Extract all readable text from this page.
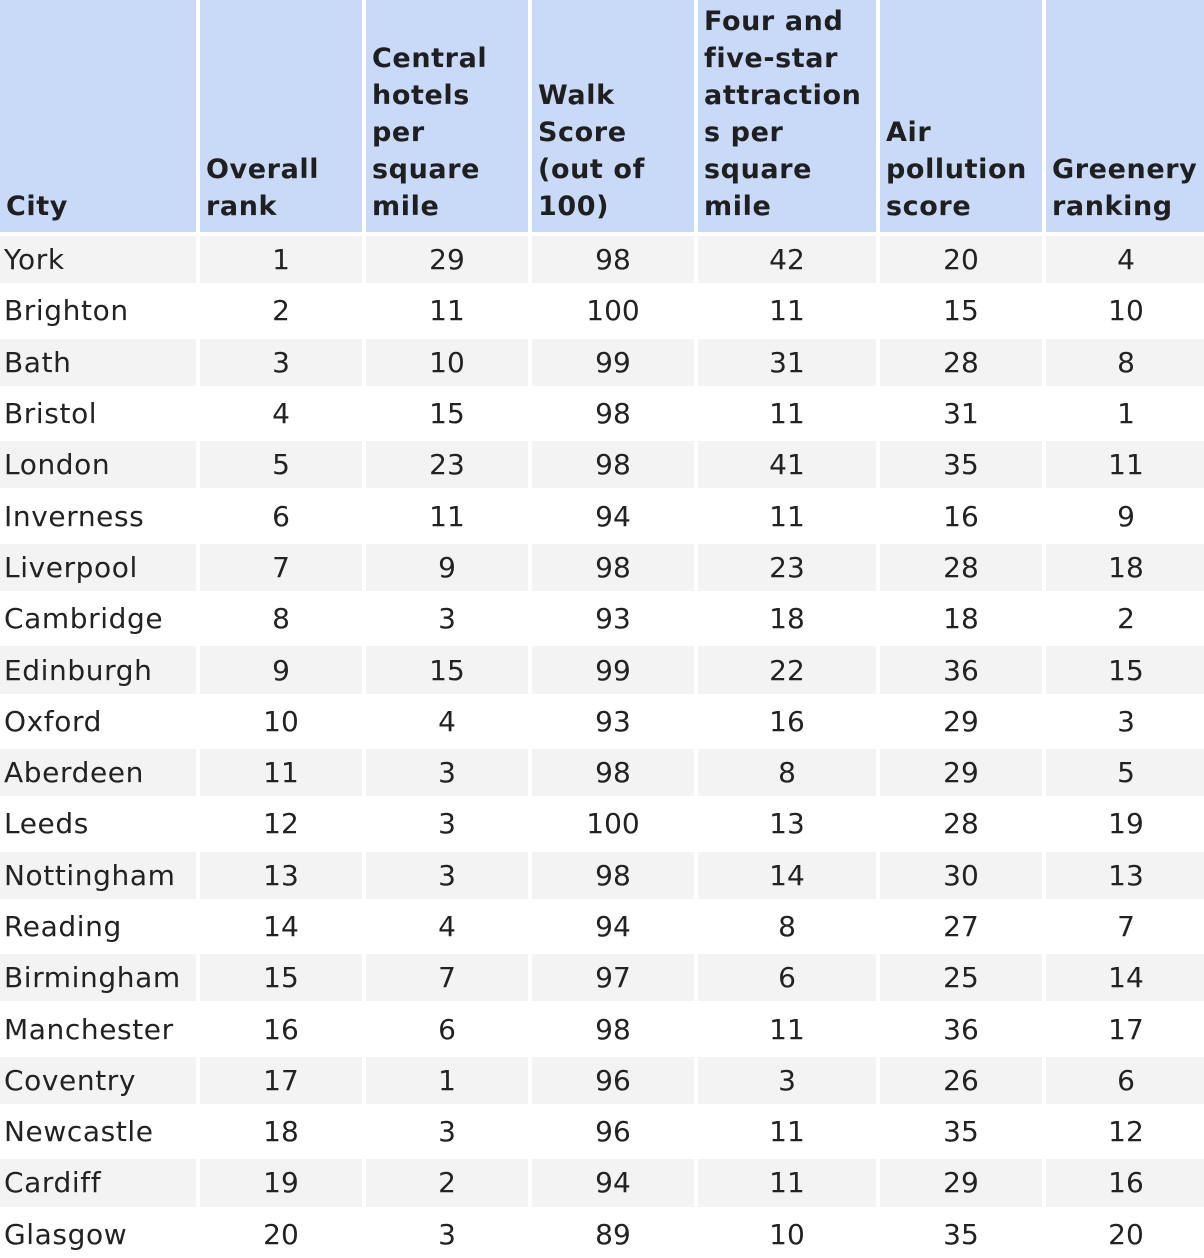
City	Overall rank	Central hotels per square mile	Walk Score (out of 100)	Four and five-star attractions per square mile	Air pollution score	Greenery ranking
York	1	29	98	42	20	4
Brighton	2	11	100	11	15	10
Bath	3	10	99	31	28	8
Bristol	4	15	98	11	31	1
London	5	23	98	41	35	11
Inverness	6	11	94	11	16	9
Liverpool	7	9	98	23	28	18
Cambridge	8	3	93	18	18	2
Edinburgh	9	15	99	22	36	15
Oxford	10	4	93	16	29	3
Aberdeen	11	3	98	8	29	5
Leeds	12	3	100	13	28	19
Nottingham	13	3	98	14	30	13
Reading	14	4	94	8	27	7
Birmingham	15	7	97	6	25	14
Manchester	16	6	98	11	36	17
Coventry	17	1	96	3	26	6
Newcastle	18	3	96	11	35	12
Cardiff	19	2	94	11	29	16
Glasgow	20	3	89	10	35	20
